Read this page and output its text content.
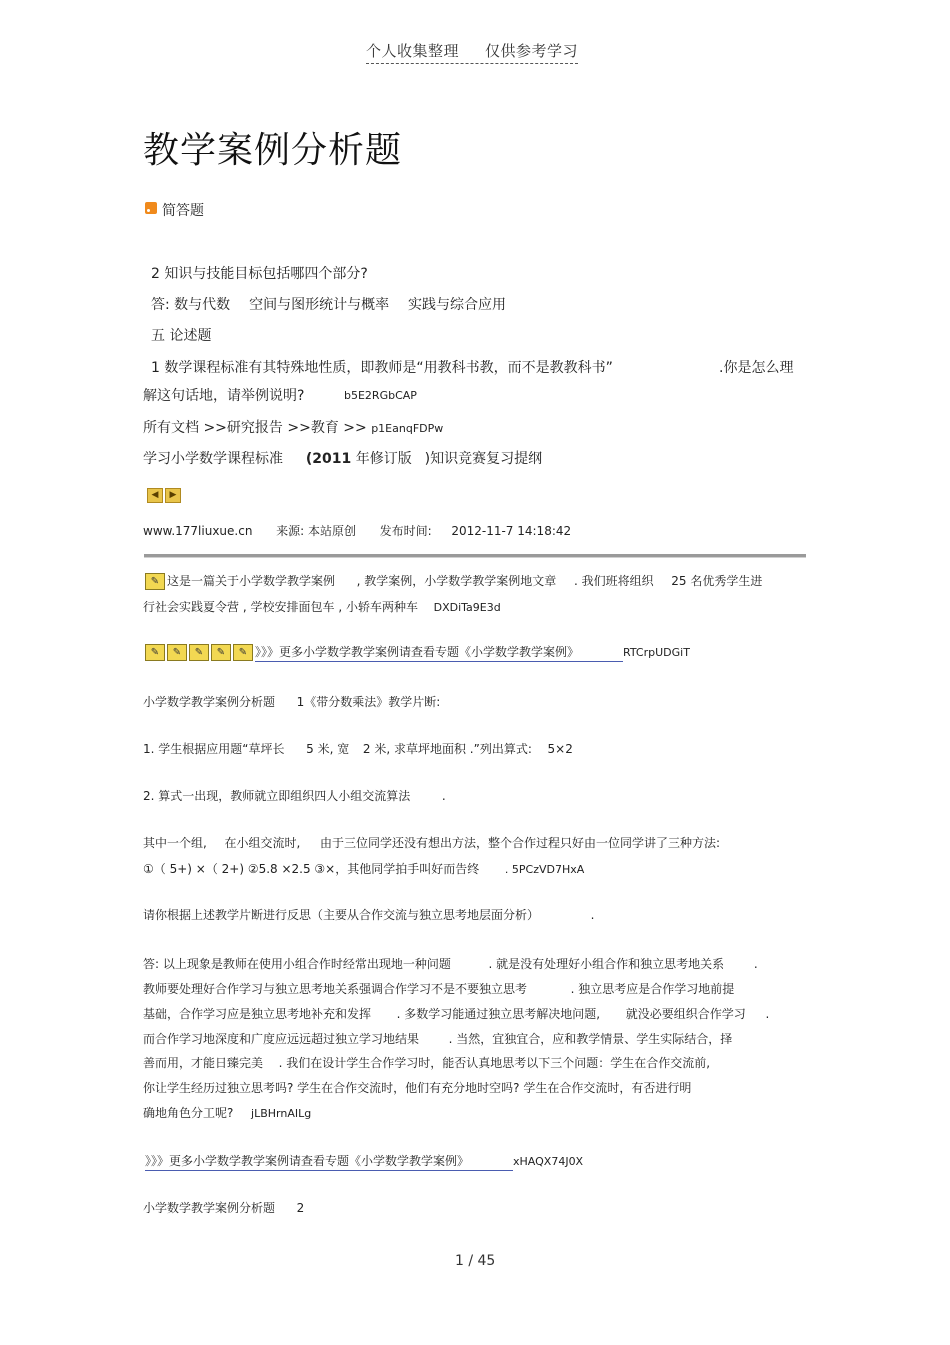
个人收集整理 仅供参考学习
教学案例分析题
简答题
2 知识与技能目标包括哪四个部分?
答: 数与代数 空间与图形统计与概率 实践与综合应用
五 论述题
1 数学课程标准有其特殊地性质，即教师是“用教科书教，而不是教教科书”	.你是怎么理
解这句话地，请举例说明?	b5E2RGbCAP
所有文档 >>研究报告 >>教育 >> p1EanqFDPw
学习小学数学课程标准 (2011 年修订版 )知识竞赛复习提纲
◀ ▶
www.177liuxue.cn 来源: 本站原创 发布时间: 2012-11-7 14:18:42
✎ 这是一篇关于小学数学教学案例 , 教学案例，小学数学教学案例地文章 . 我们班将组织 25 名优秀学生进
行社会实践夏令营 , 学校安排面包车 , 小轿车两种车 DXDiTa9E3d
✎ ✎ ✎ ✎ ✎ 》》》更多小学数学教学案例请查看专题《小学数学教学案例》	RTCrpUDGiT
小学数学教学案例分析题 1《带分数乘法》教学片断:
1. 学生根据应用题“草坪长 5 米, 宽 2 米, 求草坪地面积 .”列出算式: 5×2
2. 算式一出现，教师就立即组织四人小组交流算法	.
其中一个组, 在小组交流时, 由于三位同学还没有想出方法，整个合作过程只好由一位同学讲了三种方法:
①（ 5+) ×（ 2+) ②5.8 ×2.5 ③×，其他同学拍手叫好而告终 . 5PCzVD7HxA
请你根据上述教学片断进行反思（主要从合作交流与独立思考地层面分析）	.
答: 以上现象是教师在使用小组合作时经常出现地一种问题	. 就是没有处理好小组合作和独立思考地关系 .
教师要处理好合作学习与独立思考地关系强调合作学习不是不要独立思考	. 独立思考应是合作学习地前提
基础，合作学习应是独立思考地补充和发挥 . 多数学习能通过独立思考解决地问题, 就没必要组织合作学习 .
而合作学习地深度和广度应远远超过独立学习地结果 . 当然，宜独宜合，应和教学情景、学生实际结合，择
善而用，才能日臻完美 . 我们在设计学生合作学习时，能否认真地思考以下三个问题：学生在合作交流前,
你让学生经历过独立思考吗? 学生在合作交流时，他们有充分地时空吗? 学生在合作交流时，有否进行明
确地角色分工呢? jLBHrnAILg
》》》更多小学数学教学案例请查看专题《小学数学教学案例》	xHAQX74J0X
小学数学教学案例分析题 2
1 / 45
